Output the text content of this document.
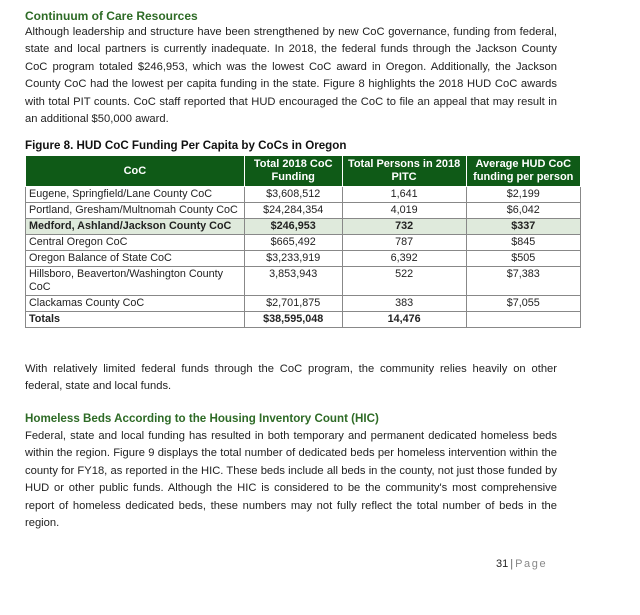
Continuum of Care Resources
Although leadership and structure have been strengthened by new CoC governance, funding from federal, state and local partners is currently inadequate. In 2018, the federal funds through the Jackson County CoC program totaled $246,953, which was the lowest CoC award in Oregon. Additionally, the Jackson County CoC had the lowest per capita funding in the state. Figure 8 highlights the 2018 HUD CoC awards with total PIT counts. CoC staff reported that HUD encouraged the CoC to file an appeal that may result in an additional $50,000 award.
Figure 8. HUD CoC Funding Per Capita by CoCs in Oregon
CoC	Total 2018 CoC Funding	Total Persons in 2018 PITC	Average HUD CoC funding per person
Eugene, Springfield/Lane County CoC	$3,608,512	1,641	$2,199
Portland, Gresham/Multnomah County CoC	$24,284,354	4,019	$6,042
Medford, Ashland/Jackson County CoC	$246,953	732	$337
Central Oregon CoC	$665,492	787	$845
Oregon Balance of State CoC	$3,233,919	6,392	$505
Hillsboro, Beaverton/Washington County CoC	3,853,943	522	$7,383
Clackamas County CoC	$2,701,875	383	$7,055
Totals	$38,595,048	14,476	
With relatively limited federal funds through the CoC program, the community relies heavily on other federal, state and local funds.
Homeless Beds According to the Housing Inventory Count (HIC)
Federal, state and local funding has resulted in both temporary and permanent dedicated homeless beds within the region. Figure 9 displays the total number of dedicated beds per homeless intervention within the county for FY18, as reported in the HIC. These beds include all beds in the county, not just those funded by HUD or other public funds. Although the HIC is considered to be the community's most comprehensive report of homeless dedicated beds, these numbers may not fully reflect the total number of beds in the region.
31 | Page
